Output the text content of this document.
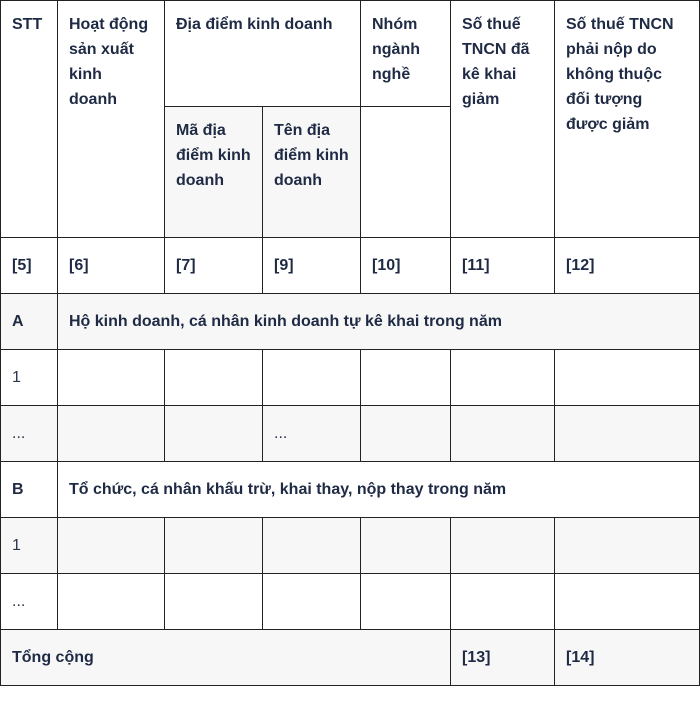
STT	Hoạt động sản xuất kinh doanh	Địa điểm kinh doanh		Nhóm ngành nghề	Số thuế TNCN đã kê khai giảm	Số thuế TNCN phải nộp do không thuộc đối tượng được giảm
		Mã địa điểm kinh doanh	Tên địa điểm kinh doanh			
[5]	[6]	[7]	[9]	[10]	[11]	[12]
A	Hộ kinh doanh, cá nhân kinh doanh tự kê khai trong năm					
1						
...			...			
B	Tổ chức, cá nhân khấu trừ, khai thay, nộp thay trong năm					
1						
...						
Tổng cộng					[13]	[14]
